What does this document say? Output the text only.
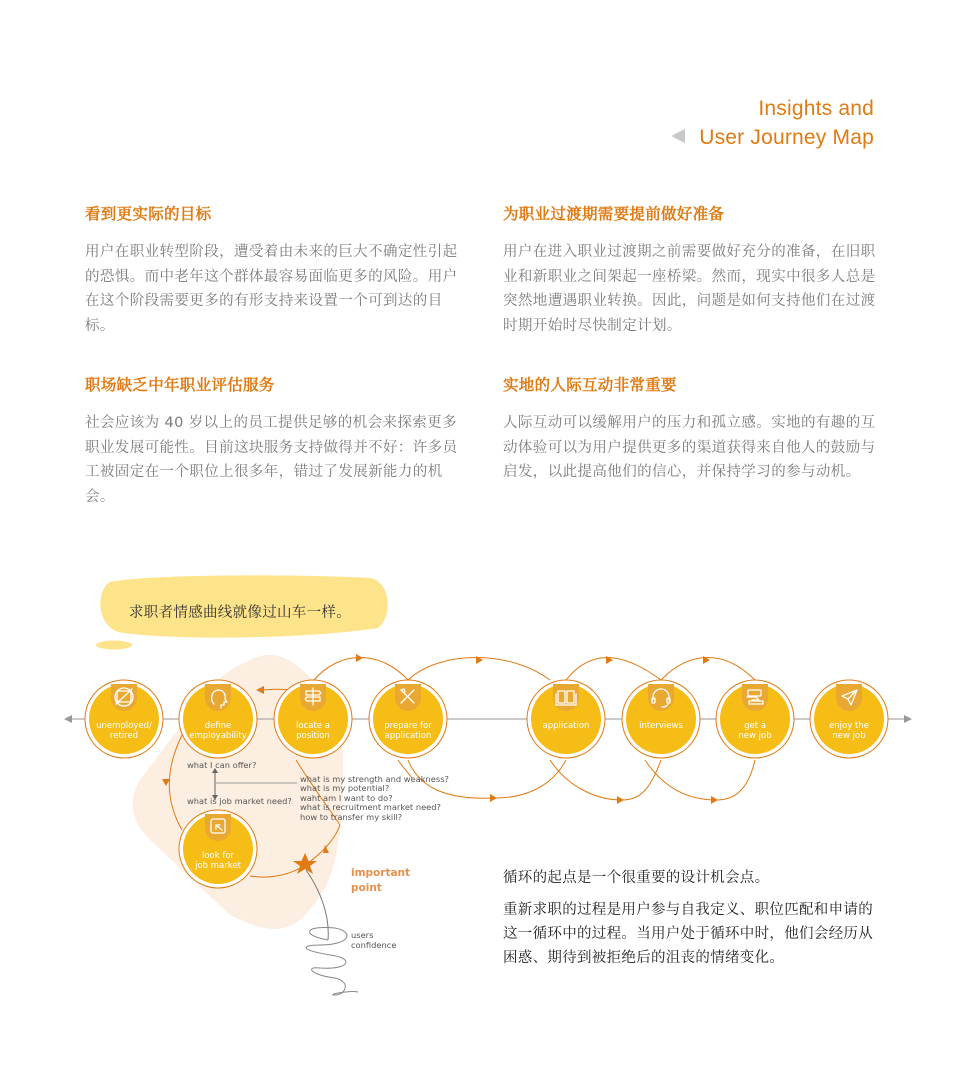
Insights and
User Journey Map
看到更实际的目标

用户在职业转型阶段，遭受着由未来的巨大不确定性引起的恐惧。而中老年这个群体最容易面临更多的风险。用户在这个阶段需要更多的有形支持来设置一个可到达的目标。

为职业过渡期需要提前做好准备

用户在进入职业过渡期之前需要做好充分的准备，在旧职业和新职业之间架起一座桥梁。然而，现实中很多人总是突然地遭遇职业转换。因此，问题是如何支持他们在过渡时期开始时尽快制定计划。

职场缺乏中年职业评估服务

社会应该为 40 岁以上的员工提供足够的机会来探索更多职业发展可能性。目前这块服务支持做得并不好：许多员工被固定在一个职位上很多年，错过了发展新能力的机会。

实地的人际互动非常重要

人际互动可以缓解用户的压力和孤立感。实地的有趣的互动体验可以为用户提供更多的渠道获得来自他人的鼓励与启发，以此提高他们的信心，并保持学习的参与动机。

求职者情感曲线就像过山车一样。
unemployed/
retired
define
employability
locate a
position
prepare for
application
application	interviews	get a
new job
enjoy the
new job
look for
job market
what I can offer?
what is job market need?
what is my strength and weakness?
what is my potential?
waht am I want to do?
what is recruitment market need?
how to transfer my skill?
important
point
users
confidence

循环的起点是一个很重要的设计机会点。

重新求职的过程是用户参与自我定义、职位匹配和申请的这一循环中的过程。当用户处于循环中时，他们会经历从困惑、期待到被拒绝后的沮丧的情绪变化。
